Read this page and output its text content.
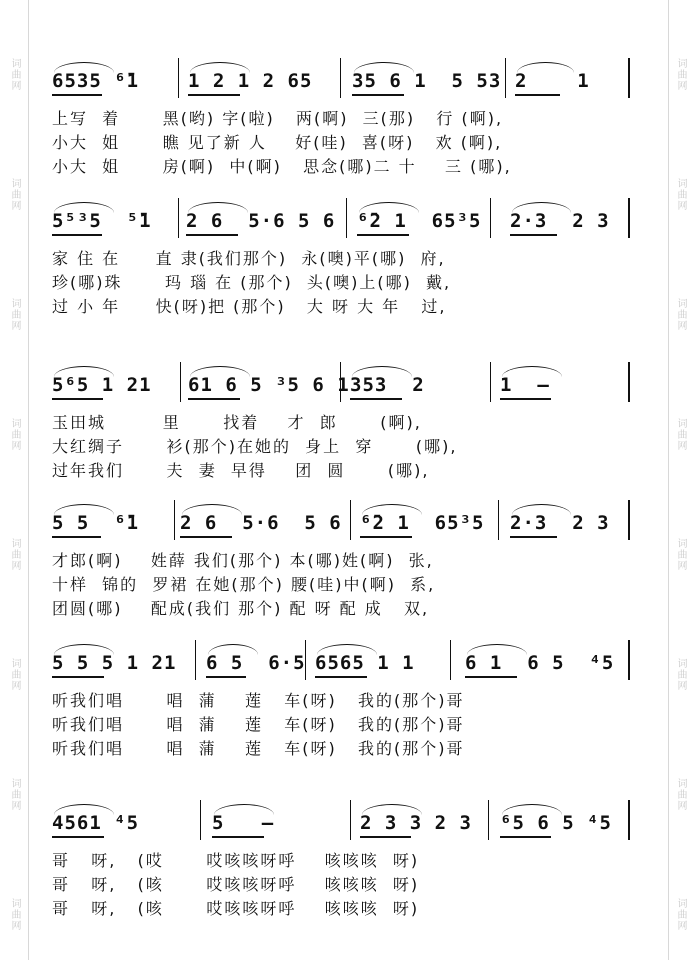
词曲网
词曲网
词曲网
词曲网
词曲网
词曲网
词曲网
词曲网
词曲网
词曲网
词曲网
词曲网
词曲网
词曲网
词曲网
词曲网
6535 ⁶̄1	1 2 1 2 65 35 6 1  5 53 2    1
上写  着      黑(哟) 字(啦)   两(啊)  三(那)   行 (啊),
小大  姐      瞧 见了新 人    好(哇)  喜(呀)   欢 (啊),
小大  姐      房(啊)  中(啊)   思念(哪)二 十    三 (哪),
5⁵³5  ⁵̄1 2 6  5·6 5 6 ⁶̄2 1  65³5 2·3  2 3
家 住 在     直 隶(我们那个)  永(噢)平(哪)  府,
珍(哪)珠      玛 瑙 在 (那个)  头(噢)上(哪)  戴,
过 小 年     快(呀)把 (那个)   大 呀 大 年   过,
5⁶5 1 21 61 6 5 ³5 6 1 353  2	1  –
玉田城        里      找着    才  郎      (啊),
大红绸子      衫(那个)在她的  身上  穿      (哪),
过年我们      夫  妻  早得    团  圆      (哪),
5 5  ⁶̄1 2 6  5·6  5 6 ⁶̄2 1  65³5 2·3  2 3
才郎(啊)    姓薛 我们(那个) 本(哪)姓(啊)  张,
十样  锦的  罗裙 在她(那个) 腰(哇)中(啊)  系,
团圆(哪)    配成(我们 那个) 配 呀 配 成   双,
5 5 5 1 21 6 5  6·5 6565 1 1	6 1  6 5  ⁴5
听我们唱      唱  蒲    莲   车(呀)   我的(那个)哥
听我们唱      唱  蒲    莲   车(呀)   我的(那个)哥
听我们唱      唱  蒲    莲   车(呀)   我的(那个)哥
4561 ⁴5	5   –	2 3 3 2 3 ⁶5 6 5 ⁴5
哥   呀,   (哎      哎咳咳呀呼    咳咳咳  呀)
哥   呀,   (咳      哎咳咳呀呼    咳咳咳  呀)
哥   呀,   (咳      哎咳咳呀呼    咳咳咳  呀)
